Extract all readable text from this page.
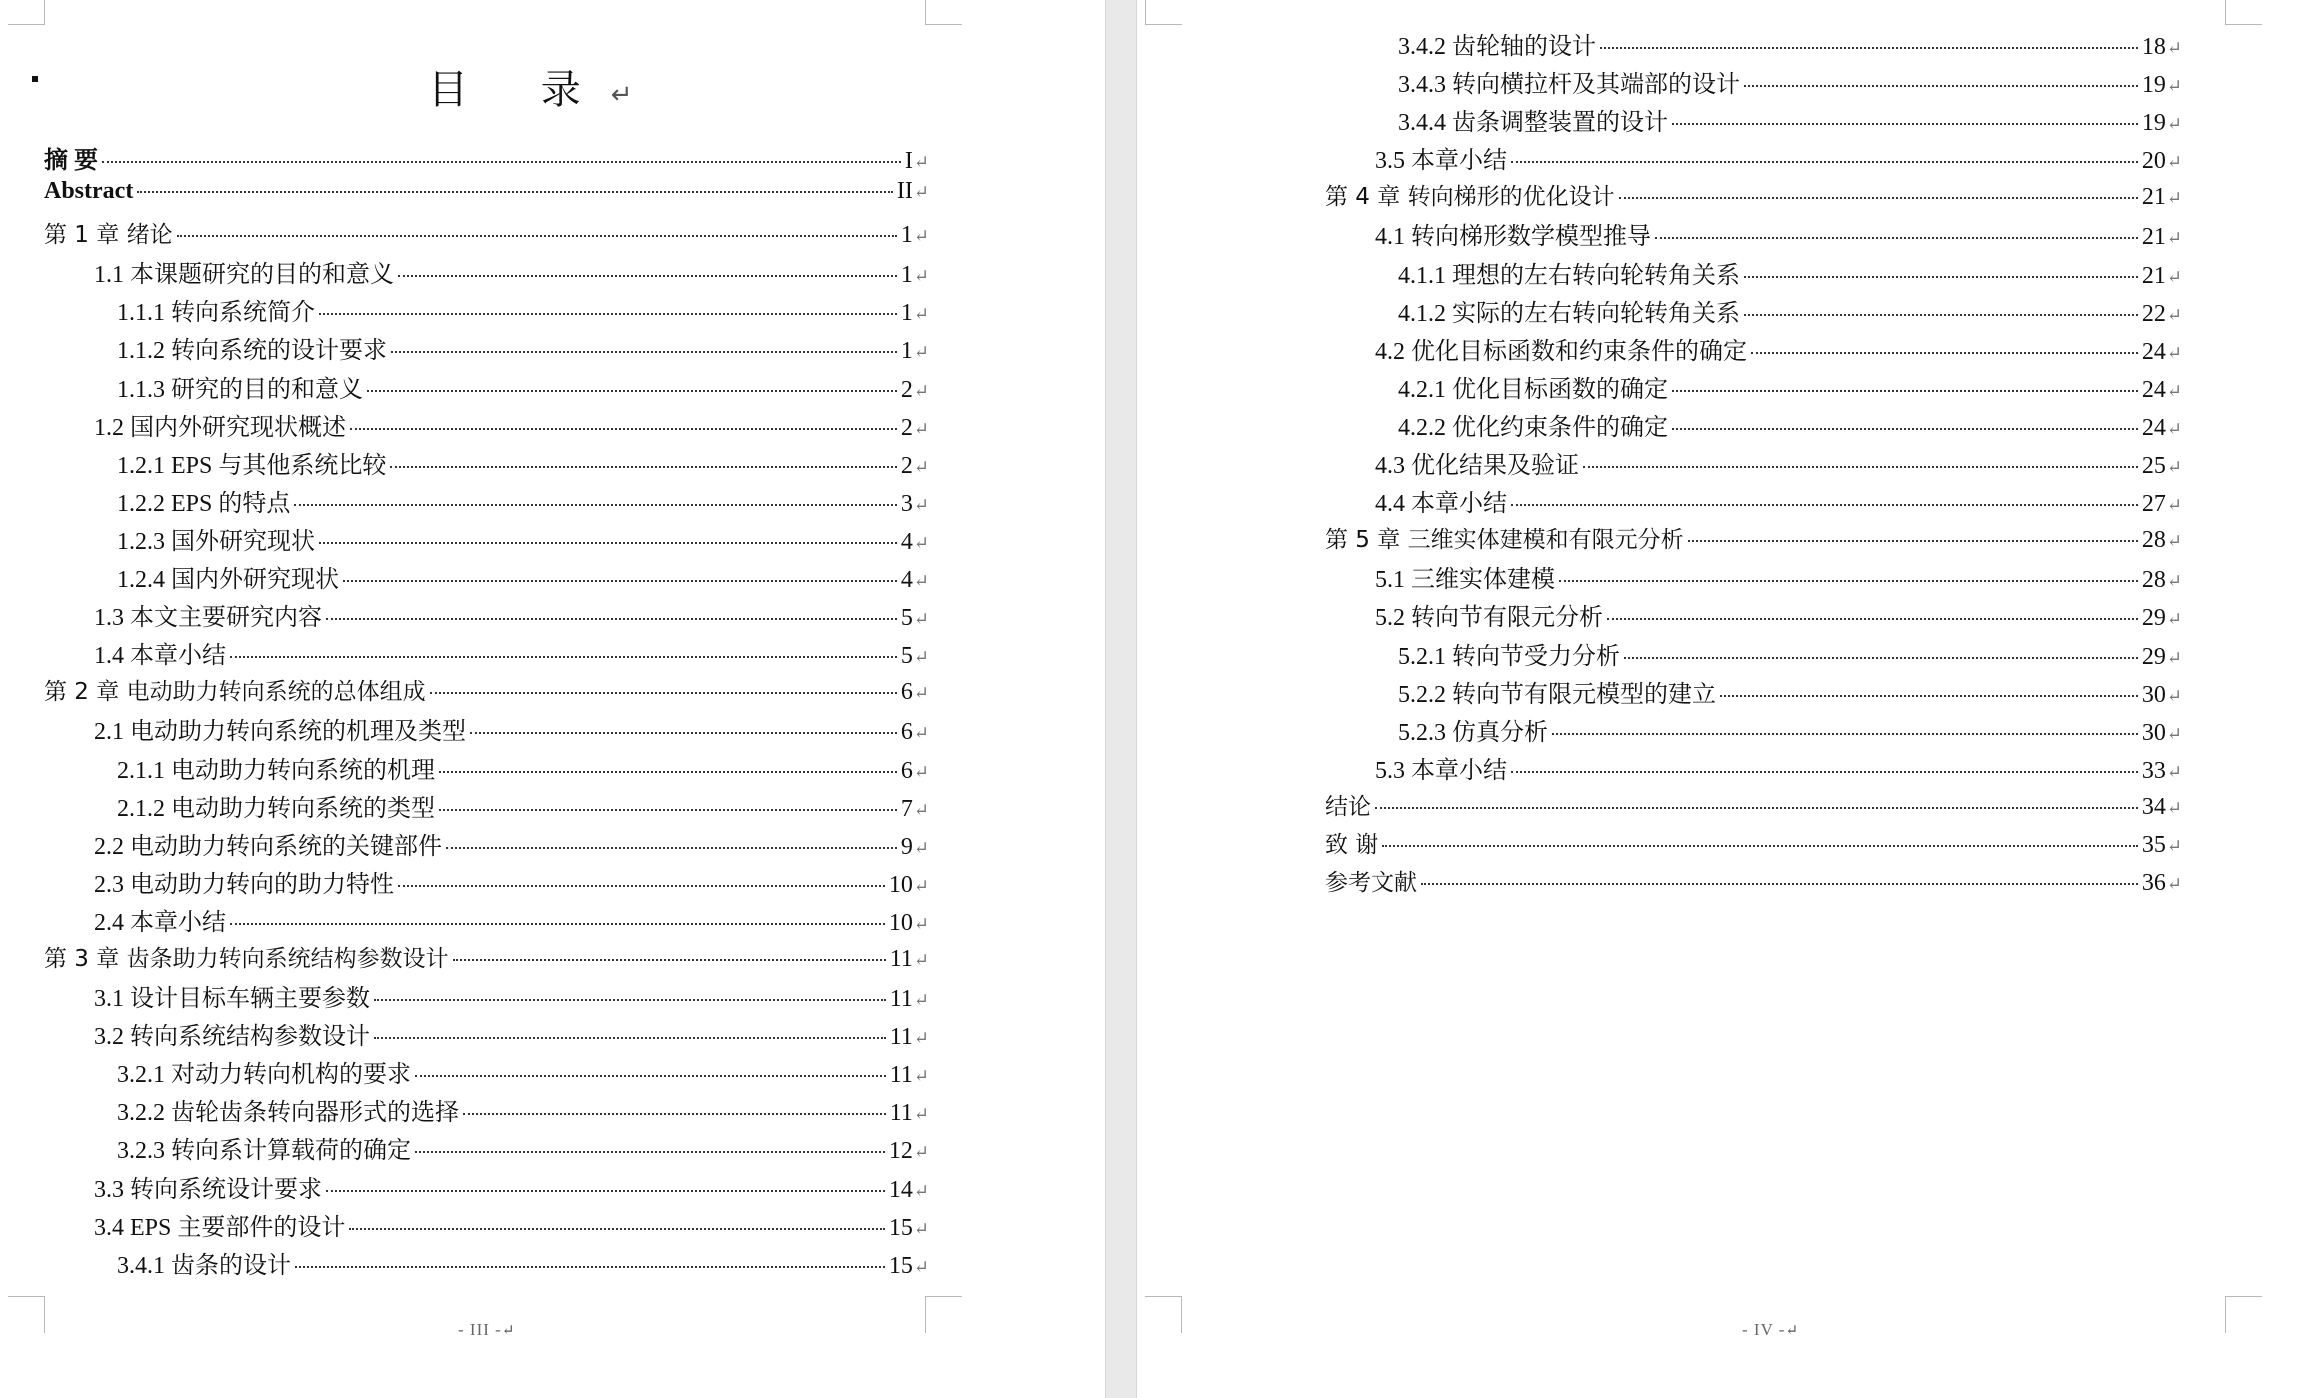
目 录↵
摘 要	I ↵
Abstract	II ↵
第 1 章 绪论	1 ↵
1.1 本课题研究的目的和意义	1 ↵
1.1.1 转向系统简介	1 ↵
1.1.2 转向系统的设计要求	1 ↵
1.1.3 研究的目的和意义	2 ↵
1.2 国内外研究现状概述	2 ↵
1.2.1 EPS 与其他系统比较	2 ↵
1.2.2 EPS 的特点	3 ↵
1.2.3 国外研究现状	4 ↵
1.2.4 国内外研究现状	4 ↵
1.3 本文主要研究内容	5 ↵
1.4 本章小结	5 ↵
第 2 章 电动助力转向系统的总体组成	6 ↵
2.1 电动助力转向系统的机理及类型	6 ↵
2.1.1 电动助力转向系统的机理	6 ↵
2.1.2 电动助力转向系统的类型	7 ↵
2.2 电动助力转向系统的关键部件	9 ↵
2.3 电动助力转向的助力特性	10 ↵
2.4 本章小结	10 ↵
第 3 章 齿条助力转向系统结构参数设计	11 ↵
3.1 设计目标车辆主要参数	11 ↵
3.2 转向系统结构参数设计	11 ↵
3.2.1 对动力转向机构的要求	11 ↵
3.2.2 齿轮齿条转向器形式的选择	11 ↵
3.2.3 转向系计算载荷的确定	12 ↵
3.3 转向系统设计要求	14 ↵
3.4 EPS 主要部件的设计	15 ↵
3.4.1 齿条的设计	15 ↵
- III -↵
3.4.2 齿轮轴的设计	18 ↵
3.4.3 转向横拉杆及其端部的设计	19 ↵
3.4.4 齿条调整装置的设计	19 ↵
3.5 本章小结	20 ↵
第 4 章 转向梯形的优化设计	21 ↵
4.1 转向梯形数学模型推导	21 ↵
4.1.1 理想的左右转向轮转角关系	21 ↵
4.1.2 实际的左右转向轮转角关系	22 ↵
4.2 优化目标函数和约束条件的确定	24 ↵
4.2.1 优化目标函数的确定	24 ↵
4.2.2 优化约束条件的确定	24 ↵
4.3 优化结果及验证	25 ↵
4.4 本章小结	27 ↵
第 5 章 三维实体建模和有限元分析	28 ↵
5.1 三维实体建模	28 ↵
5.2 转向节有限元分析	29 ↵
5.2.1 转向节受力分析	29 ↵
5.2.2 转向节有限元模型的建立	30 ↵
5.2.3 仿真分析	30 ↵
5.3 本章小结	33 ↵
结论	34 ↵
致 谢	35 ↵
参考文献	36 ↵
- IV -↵
